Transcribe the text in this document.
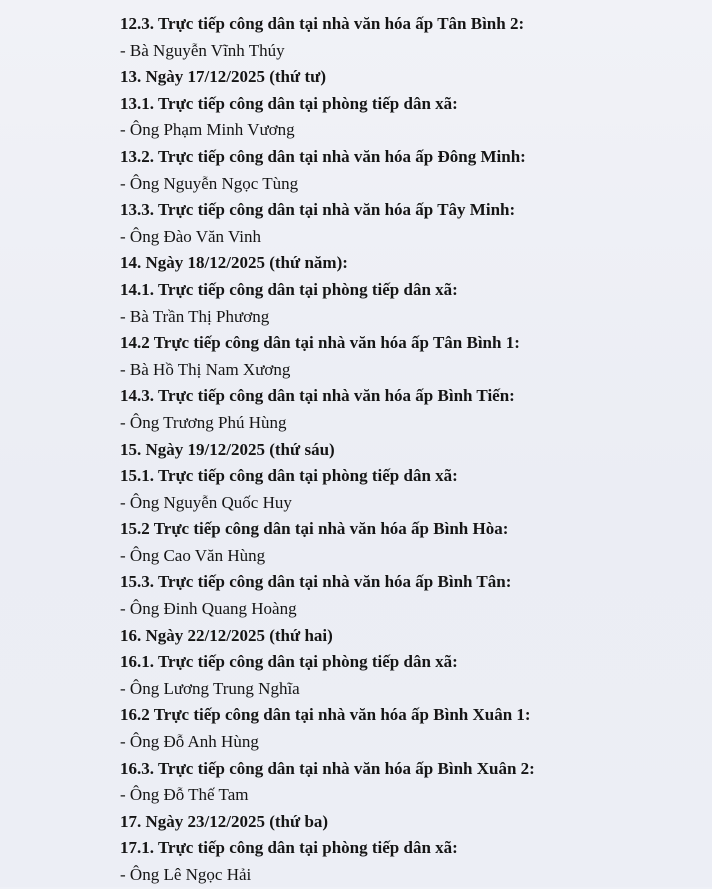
12.3. Trực tiếp công dân tại nhà văn hóa ấp Tân Bình 2:
- Bà Nguyễn Vĩnh Thúy
13. Ngày 17/12/2025 (thứ tư)
13.1. Trực tiếp công dân tại phòng tiếp dân xã:
- Ông Phạm Minh Vương
13.2. Trực tiếp công dân tại nhà văn hóa ấp Đông Minh:
- Ông Nguyễn Ngọc Tùng
13.3. Trực tiếp công dân tại nhà văn hóa ấp Tây Minh:
- Ông Đào Văn Vinh
14. Ngày 18/12/2025 (thứ năm):
14.1. Trực tiếp công dân tại phòng tiếp dân xã:
- Bà Trần Thị Phương
14.2 Trực tiếp công dân tại nhà văn hóa ấp Tân Bình 1:
- Bà Hồ Thị Nam Xương
14.3. Trực tiếp công dân tại nhà văn hóa ấp Bình Tiến:
- Ông Trương Phú Hùng
15. Ngày 19/12/2025 (thứ sáu)
15.1. Trực tiếp công dân tại phòng tiếp dân xã:
- Ông Nguyễn Quốc Huy
15.2 Trực tiếp công dân tại nhà văn hóa ấp Bình Hòa:
- Ông Cao Văn Hùng
15.3. Trực tiếp công dân tại nhà văn hóa ấp Bình Tân:
- Ông Đinh Quang Hoàng
16. Ngày 22/12/2025 (thứ hai)
16.1. Trực tiếp công dân tại phòng tiếp dân xã:
- Ông Lương Trung Nghĩa
16.2 Trực tiếp công dân tại nhà văn hóa ấp Bình Xuân 1:
- Ông Đỗ Anh Hùng
16.3. Trực tiếp công dân tại nhà văn hóa ấp Bình Xuân 2:
- Ông Đỗ Thế Tam
17. Ngày 23/12/2025 (thứ ba)
17.1. Trực tiếp công dân tại phòng tiếp dân xã:
- Ông Lê Ngọc Hải
